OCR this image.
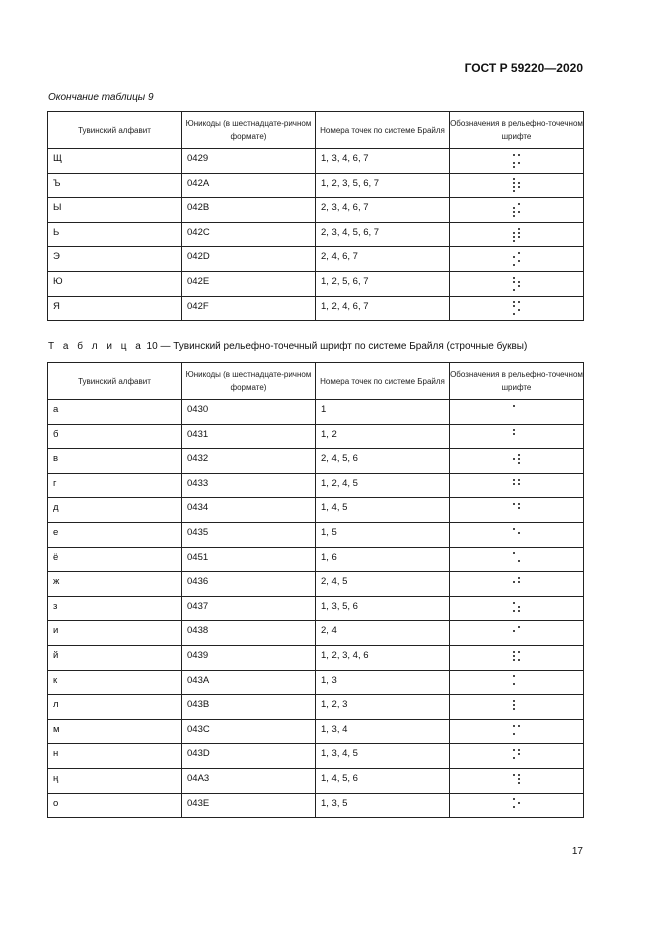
ГОСТ Р 59220—2020
Окончание таблицы 9
Тувинский алфавит	Юникоды (в шестнадцате-ричном формате)	Номера точек по системе Брайля	Обозначения в рельефно-точечном шрифте
Щ	0429	1, 3, 4, 6, 7	

Ъ	042A	1, 2, 3, 5, 6, 7	

Ы	042B	2, 3, 4, 6, 7	

Ь	042C	2, 3, 4, 5, 6, 7	

Э	042D	2, 4, 6, 7	

Ю	042E	1, 2, 5, 6, 7	

Я	042F	1, 2, 4, 6, 7	
Т а б л и ц а 10 — Тувинский рельефно-точечный шрифт по системе Брайля (строчные буквы)
Тувинский алфавит	Юникоды (в шестнадцате-ричном формате)	Номера точек по системе Брайля	Обозначения в рельефно-точечном шрифте
а	0430	1	

б	0431	1, 2	

в	0432	2, 4, 5, 6	

г	0433	1, 2, 4, 5	

д	0434	1, 4, 5	

е	0435	1, 5	

ё	0451	1, 6	

ж	0436	2, 4, 5	

з	0437	1, 3, 5, 6	

и	0438	2, 4	

й	0439	1, 2, 3, 4, 6	

к	043A	1, 3	

л	043B	1, 2, 3	

м	043C	1, 3, 4	

н	043D	1, 3, 4, 5	

ң	04A3	1, 4, 5, 6	

о	043E	1, 3, 5	
17
